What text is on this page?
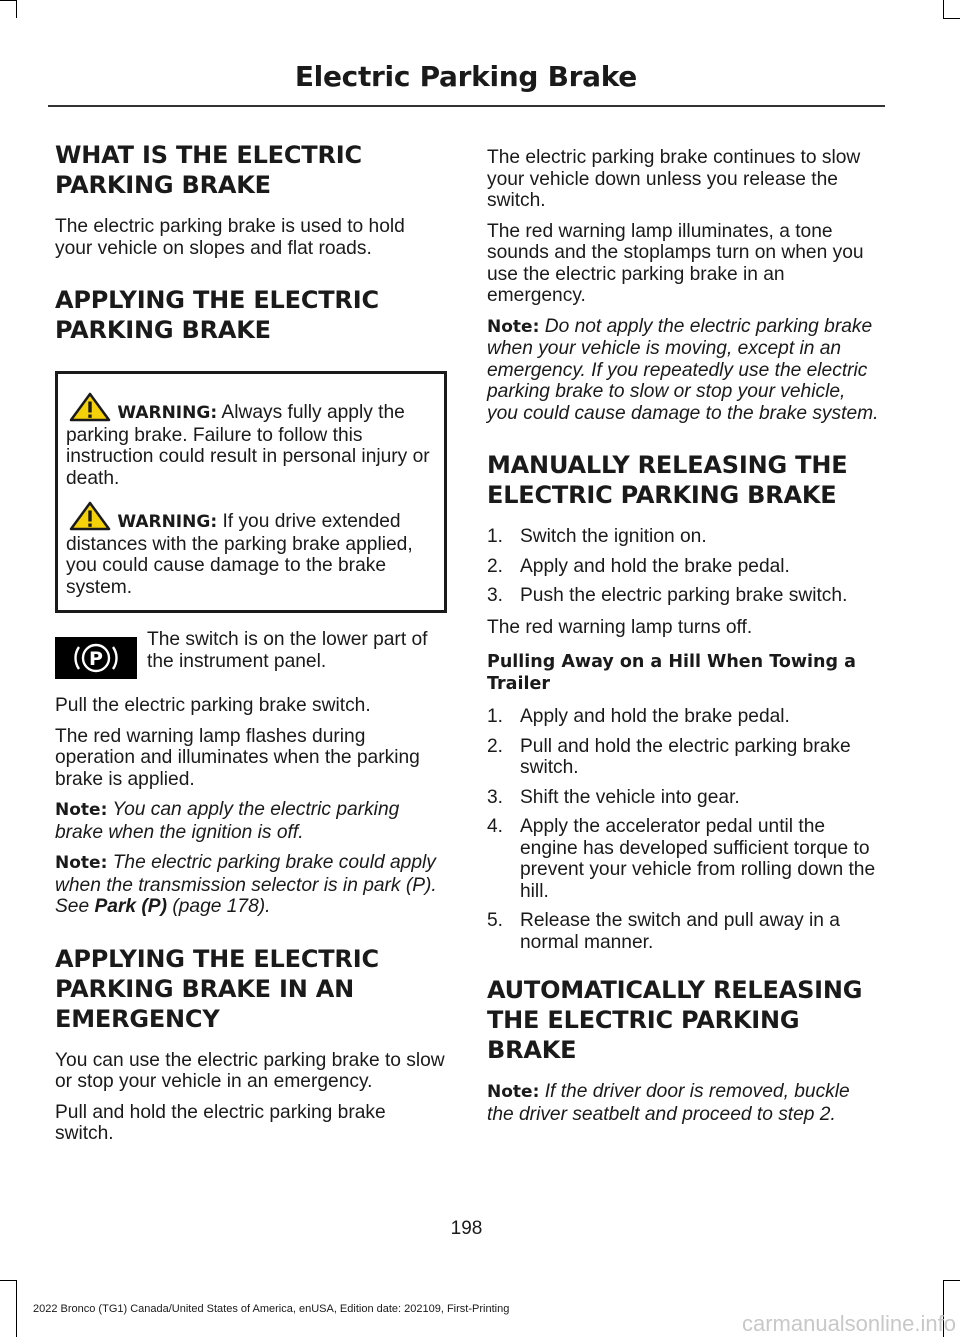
Electric Parking Brake
WHAT IS THE ELECTRIC PARKING BRAKE

The electric parking brake is used to hold your vehicle on slopes and flat roads.

APPLYING THE ELECTRIC PARKING BRAKE

WARNING: Always fully apply the parking brake. Failure to follow this instruction could result in personal injury or death.

WARNING: If you drive extended distances with the parking brake applied, you could cause damage to the brake system.

P

The switch is on the lower part of the instrument panel.

Pull the electric parking brake switch.

The red warning lamp flashes during operation and illuminates when the parking brake is applied.

Note: You can apply the electric parking brake when the ignition is off.

Note: The electric parking brake could apply when the transmission selector is in park (P). See Park (P) (page 178).

APPLYING THE ELECTRIC PARKING BRAKE IN AN EMERGENCY

You can use the electric parking brake to slow or stop your vehicle in an emergency.

Pull and hold the electric parking brake switch.

The electric parking brake continues to slow your vehicle down unless you release the switch.

The red warning lamp illuminates, a tone sounds and the stoplamps turn on when you use the electric parking brake in an emergency.

Note: Do not apply the electric parking brake when your vehicle is moving, except in an emergency. If you repeatedly use the electric parking brake to slow or stop your vehicle, you could cause damage to the brake system.

MANUALLY RELEASING THE ELECTRIC PARKING BRAKE
1. Switch the ignition on.
2. Apply and hold the brake pedal.
3. Push the electric parking brake switch.

The red warning lamp turns off.

Pulling Away on a Hill When Towing a Trailer
1. Apply and hold the brake pedal.
2. Pull and hold the electric parking brake switch.
3. Shift the vehicle into gear.
4. Apply the accelerator pedal until the engine has developed sufficient torque to prevent your vehicle from rolling down the hill.
5. Release the switch and pull away in a normal manner.
AUTOMATICALLY RELEASING THE ELECTRIC PARKING BRAKE

Note: If the driver door is removed, buckle the driver seatbelt and proceed to step 2.

198
2022 Bronco (TG1) Canada/United States of America, enUSA, Edition date: 202109, First-Printing
carmanualsonline.info
